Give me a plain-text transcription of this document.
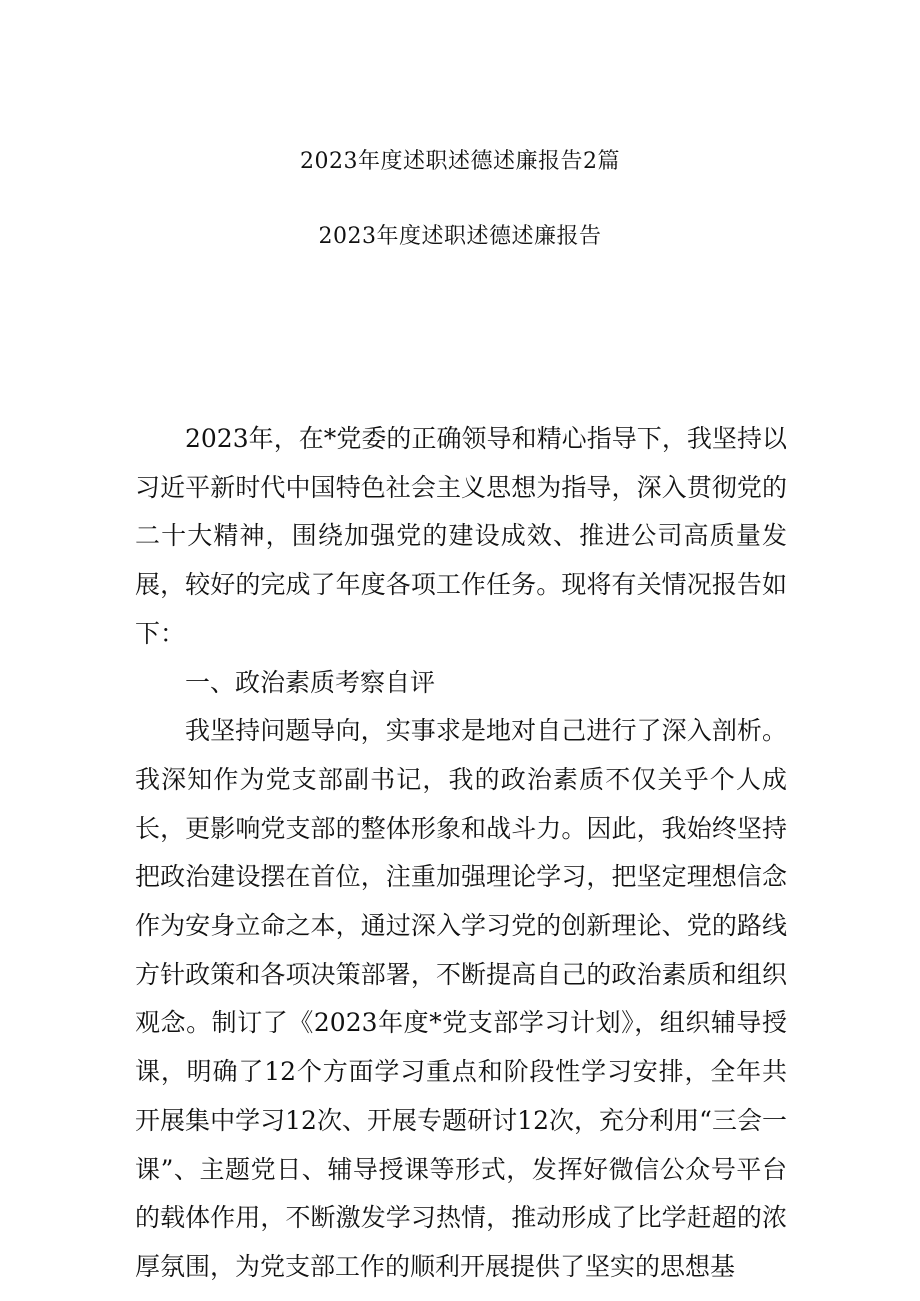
2023年度述职述德述廉报告2篇
2023年度述职述德述廉报告

2023年，在*党委的正确领导和精心指导下，我坚持以习近平新时代中国特色社会主义思想为指导，深入贯彻党的二十大精神，围绕加强党的建设成效、推进公司高质量发展，较好的完成了年度各项工作任务。现将有关情况报告如下：

一、政治素质考察自评

我坚持问题导向，实事求是地对自己进行了深入剖析。我深知作为党支部副书记，我的政治素质不仅关乎个人成长，更影响党支部的整体形象和战斗力。因此，我始终坚持把政治建设摆在首位，注重加强理论学习，把坚定理想信念作为安身立命之本，通过深入学习党的创新理论、党的路线方针政策和各项决策部署，不断提高自己的政治素质和组织观念。制订了《2023年度*党支部学习计划》，组织辅导授课，明确了12个方面学习重点和阶段性学习安排，全年共开展集中学习12次、开展专题研讨12次，充分利用“三会一课”、主题党日、辅导授课等形式，发挥好微信公众号平台的载体作用，不断激发学习热情，推动形成了比学赶超的浓厚氛围，为党支部工作的顺利开展提供了坚实的思想基
